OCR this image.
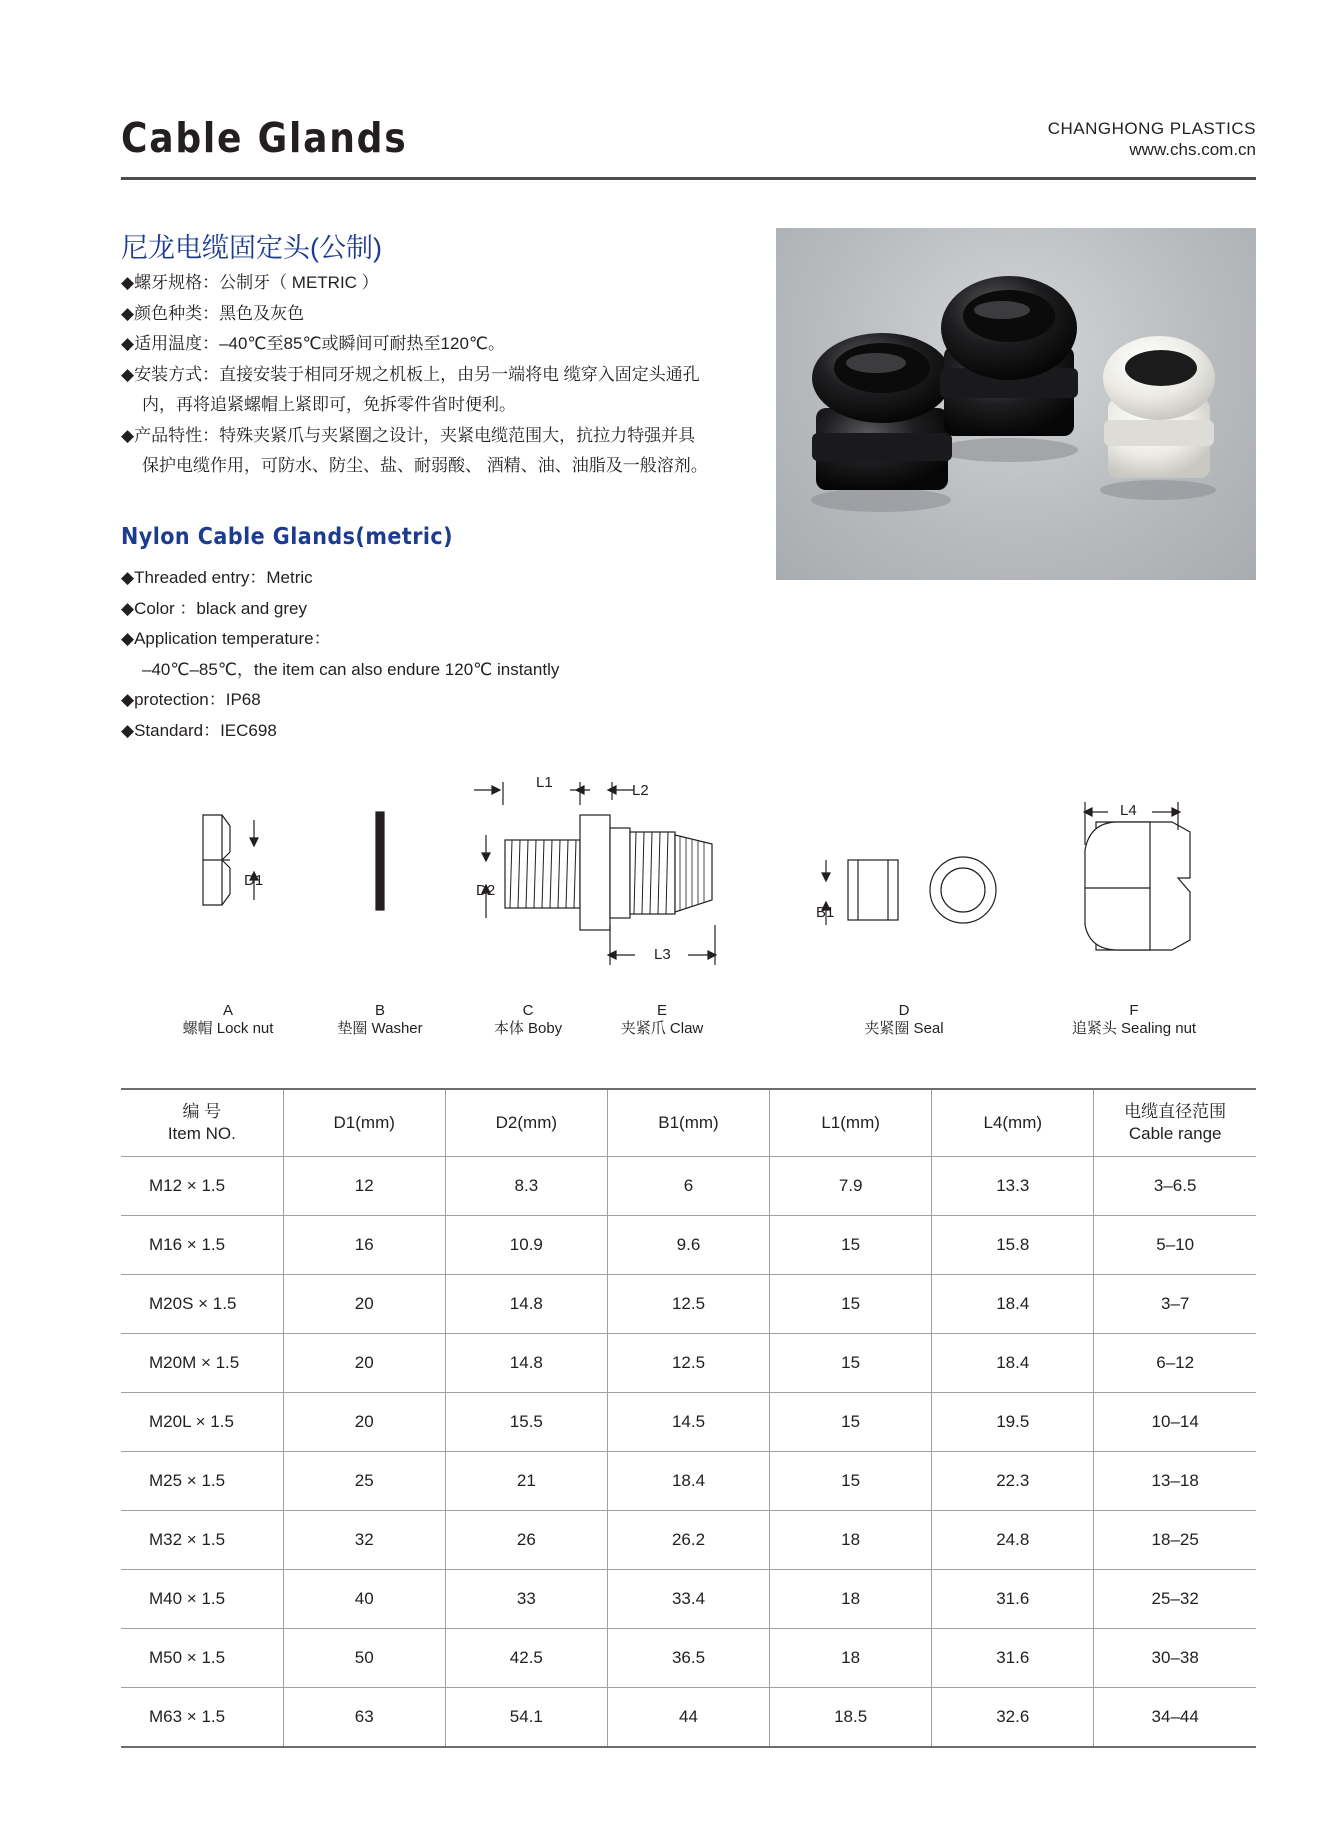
Cable Glands	CHANGHONG PLASTICS
www.chs.com.cn
尼龙电缆固定头(公制)
◆螺牙规格：公制牙（ METRIC ）
◆颜色种类：黑色及灰色
◆适用温度：–40℃至85℃或瞬间可耐热至120℃。
◆安装方式：直接安装于相同牙规之机板上，由另一端将电 缆穿入固定头通孔
内，再将追紧螺帽上紧即可，免拆零件省时便利。
◆产品特性：特殊夹紧爪与夹紧圈之设计，夹紧电缆范围大，抗拉力特强并具
保护电缆作用，可防水、防尘、盐、耐弱酸、 酒精、油、油脂及一般溶剂。
Nylon Cable Glands(metric)
◆Threaded entry：Metric
◆Color ：black and grey
◆Application temperature：
–40℃–85℃，the item can also endure 120℃ instantly
◆protection：IP68
◆Standard：IEC698
D1
L1	L2
D2
L3
B1
L4
A
螺帽 Lock nut
B
垫圈 Washer
C
本体 Boby
E
夹紧爪 Claw
D
夹紧圈 Seal
F
追紧头 Sealing nut
编 号
Item NO.	D1(mm)	D2(mm)	B1(mm)	L1(mm)	L4(mm)	电缆直径范围
Cable range
M12 × 1.5	12	8.3	6	7.9	13.3	3–6.5
M16 × 1.5	16	10.9	9.6	15	15.8	5–10
M20S × 1.5	20	14.8	12.5	15	18.4	3–7
M20M × 1.5	20	14.8	12.5	15	18.4	6–12
M20L × 1.5	20	15.5	14.5	15	19.5	10–14
M25 × 1.5	25	21	18.4	15	22.3	13–18
M32 × 1.5	32	26	26.2	18	24.8	18–25
M40 × 1.5	40	33	33.4	18	31.6	25–32
M50 × 1.5	50	42.5	36.5	18	31.6	30–38
M63 × 1.5	63	54.1	44	18.5	32.6	34–44
